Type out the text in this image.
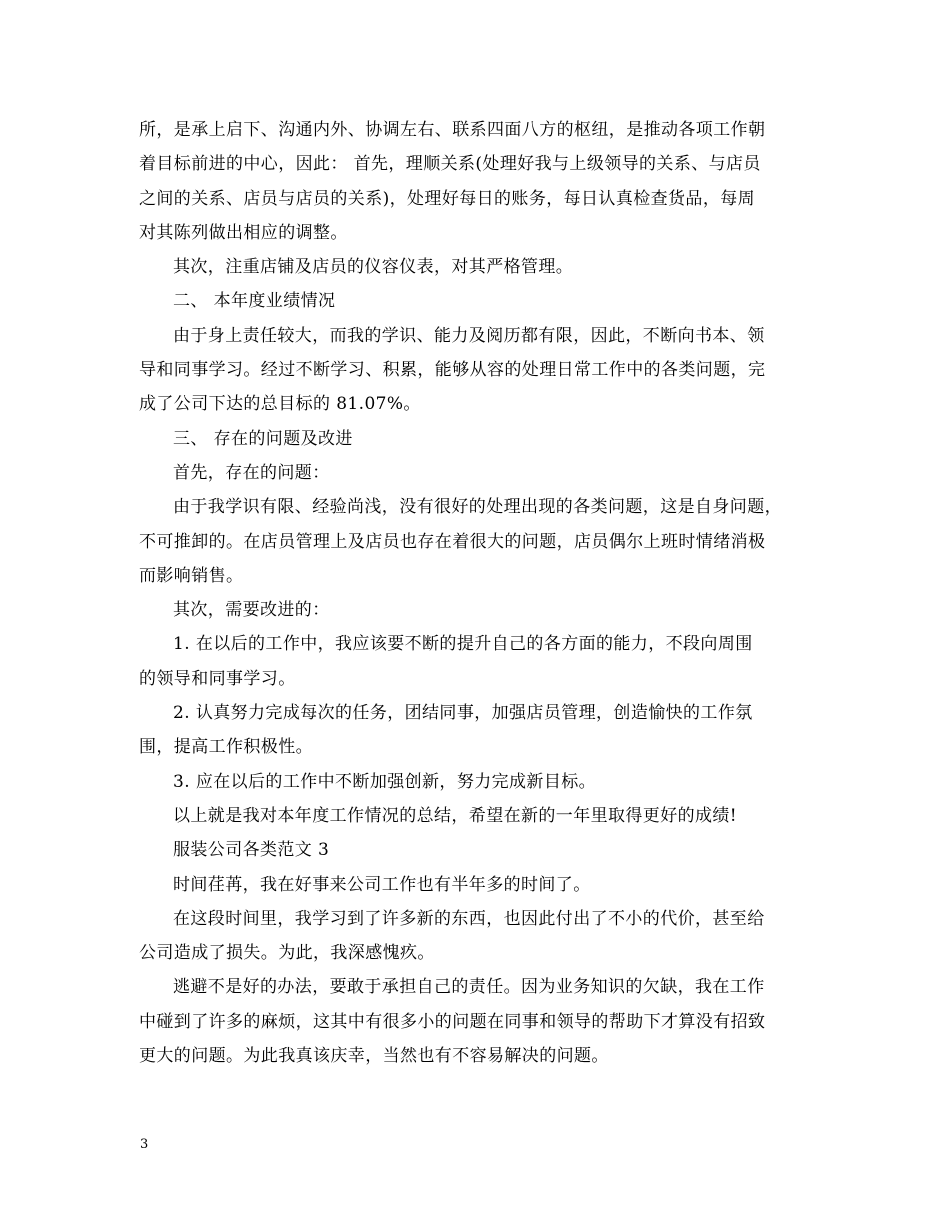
所，是承上启下、沟通内外、协调左右、联系四面八方的枢纽，是推动各项工作朝
着目标前进的中心，因此： 首先，理顺关系(处理好我与上级领导的关系、与店员
之间的关系、店员与店员的关系)，处理好每日的账务，每日认真检查货品，每周
对其陈列做出相应的调整。
其次，注重店铺及店员的仪容仪表，对其严格管理。
二、 本年度业绩情况
由于身上责任较大，而我的学识、能力及阅历都有限，因此，不断向书本、领
导和同事学习。经过不断学习、积累，能够从容的处理日常工作中的各类问题，完
成了公司下达的总目标的 81.07%。
三、 存在的问题及改进
首先，存在的问题：
由于我学识有限、经验尚浅，没有很好的处理出现的各类问题，这是自身问题，
不可推卸的。在店员管理上及店员也存在着很大的问题，店员偶尔上班时情绪消极
而影响销售。
其次，需要改进的：
1. 在以后的工作中，我应该要不断的提升自己的各方面的能力，不段向周围
的领导和同事学习。
2. 认真努力完成每次的任务，团结同事，加强店员管理，创造愉快的工作氛
围，提高工作积极性。
3. 应在以后的工作中不断加强创新，努力完成新目标。
以上就是我对本年度工作情况的总结，希望在新的一年里取得更好的成绩!
服装公司各类范文 3
时间荏苒，我在好事来公司工作也有半年多的时间了。
在这段时间里，我学习到了许多新的东西，也因此付出了不小的代价，甚至给
公司造成了损失。为此，我深感愧疚。
逃避不是好的办法，要敢于承担自己的责任。因为业务知识的欠缺，我在工作
中碰到了许多的麻烦，这其中有很多小的问题在同事和领导的帮助下才算没有招致
更大的问题。为此我真该庆幸，当然也有不容易解决的问题。
3
